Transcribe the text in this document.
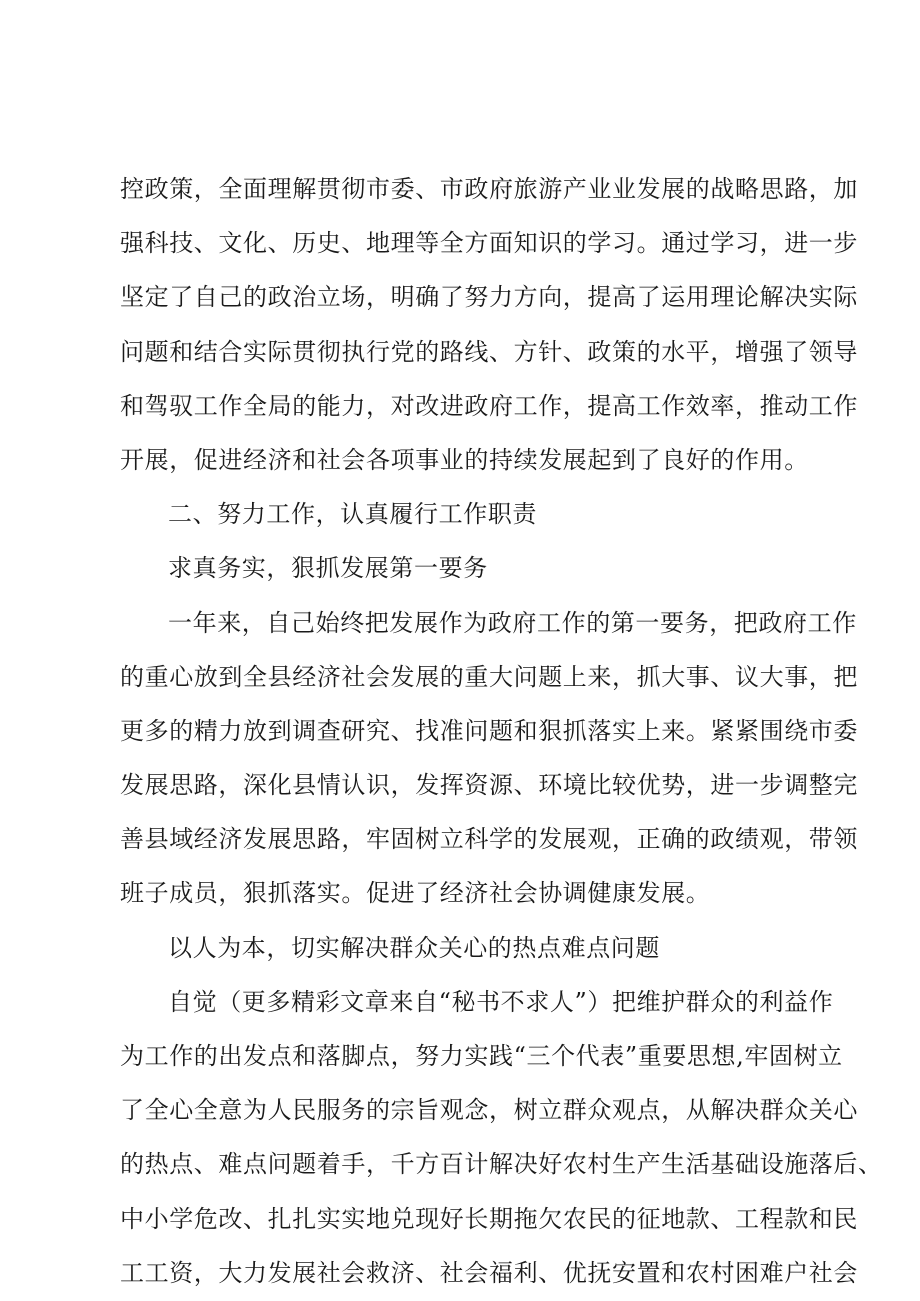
控政策，全面理解贯彻市委、市政府旅游产业业发展的战略思路，加
强科技、文化、历史、地理等全方面知识的学习。通过学习，进一步
坚定了自己的政治立场，明确了努力方向，提高了运用理论解决实际
问题和结合实际贯彻执行党的路线、方针、政策的水平，增强了领导
和驾驭工作全局的能力，对改进政府工作，提高工作效率，推动工作
开展，促进经济和社会各项事业的持续发展起到了良好的作用。
二、努力工作，认真履行工作职责
求真务实，狠抓发展第一要务
一年来，自己始终把发展作为政府工作的第一要务，把政府工作
的重心放到全县经济社会发展的重大问题上来，抓大事、议大事，把
更多的精力放到调查研究、找准问题和狠抓落实上来。紧紧围绕市委
发展思路，深化县情认识，发挥资源、环境比较优势，进一步调整完
善县域经济发展思路，牢固树立科学的发展观，正确的政绩观，带领
班子成员，狠抓落实。促进了经济社会协调健康发展。
以人为本，切实解决群众关心的热点难点问题
自觉（更多精彩文章来自“秘书不求人”）把维护群众的利益作
为工作的出发点和落脚点，努力实践“三个代表”重要思想,牢固树立
了全心全意为人民服务的宗旨观念，树立群众观点，从解决群众关心
的热点、难点问题着手，千方百计解决好农村生产生活基础设施落后、
中小学危改、扎扎实实地兑现好长期拖欠农民的征地款、工程款和民
工工资，大力发展社会救济、社会福利、优抚安置和农村困难户社会
